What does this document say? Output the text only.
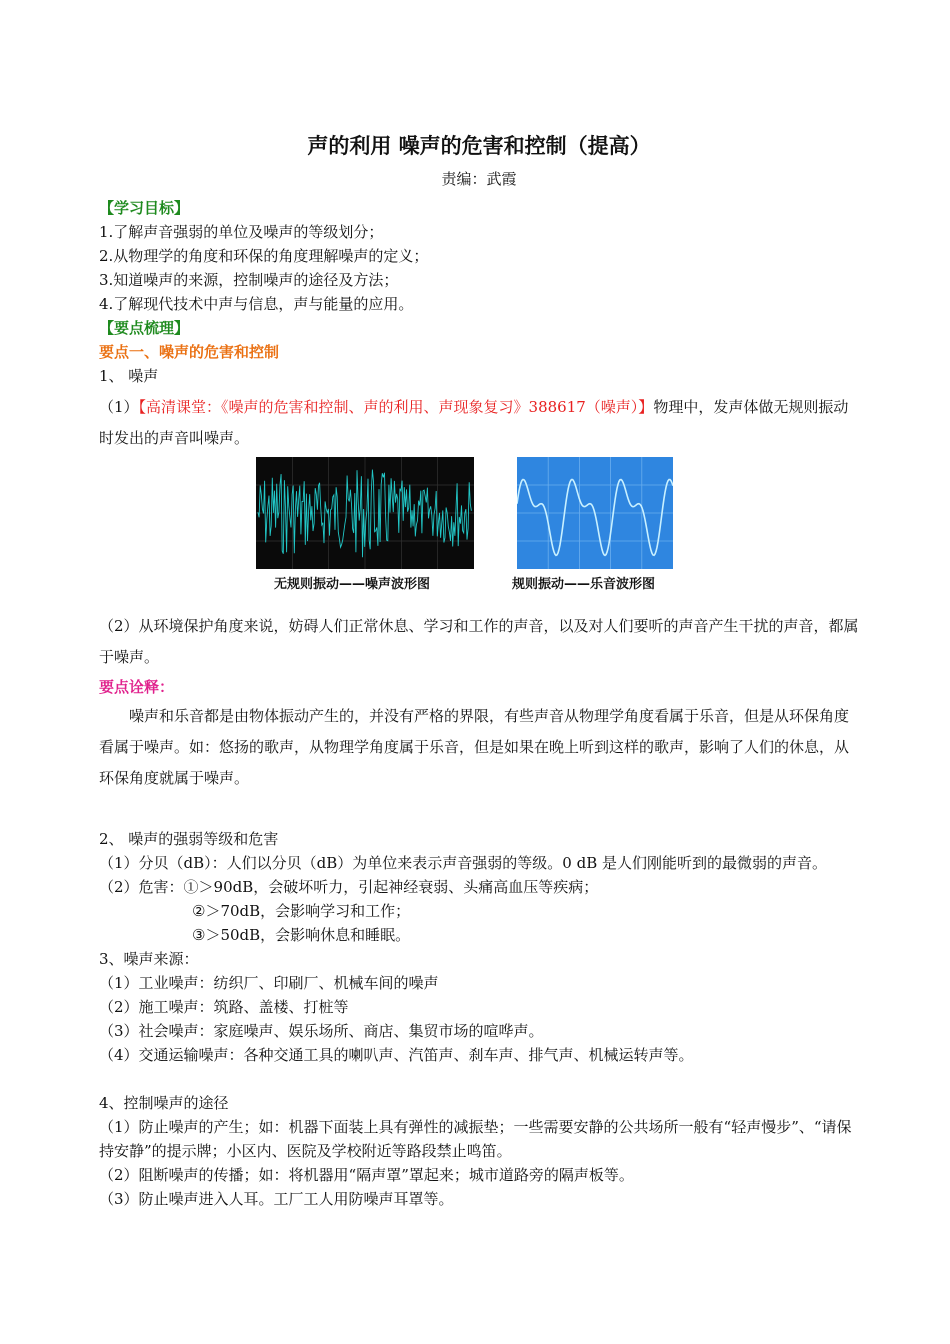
声的利用 噪声的危害和控制（提高）
责编：武霞
【学习目标】
1.了解声音强弱的单位及噪声的等级划分；
2.从物理学的角度和环保的角度理解噪声的定义；
3.知道噪声的来源，控制噪声的途径及方法；
4.了解现代技术中声与信息，声与能量的应用。
【要点梳理】
要点一、噪声的危害和控制
1、 噪声
（1）【高清课堂：《噪声的危害和控制、声的利用、声现象复习》388617（噪声）】物理中，发声体做无规则振动时发出的声音叫噪声。
无规则振动——噪声波形图	规则振动——乐音波形图
（2）从环境保护角度来说，妨碍人们正常休息、学习和工作的声音，以及对人们要听的声音产生干扰的声音，都属于噪声。
要点诠释：
噪声和乐音都是由物体振动产生的，并没有严格的界限，有些声音从物理学角度看属于乐音，但是从环保角度看属于噪声。如：悠扬的歌声，从物理学角度属于乐音，但是如果在晚上听到这样的歌声，影响了人们的休息，从环保角度就属于噪声。
2、 噪声的强弱等级和危害
（1）分贝（dB）：人们以分贝（dB）为单位来表示声音强弱的等级。0 dB 是人们刚能听到的最微弱的声音。
（2）危害：①＞90dB，会破坏听力，引起神经衰弱、头痛高血压等疾病；
②＞70dB，会影响学习和工作；
③＞50dB，会影响休息和睡眠。
3、噪声来源：
（1）工业噪声：纺织厂、印刷厂、机械车间的噪声
（2）施工噪声：筑路、盖楼、打桩等
（3）社会噪声：家庭噪声、娱乐场所、商店、集贸市场的喧哗声。
（4）交通运输噪声：各种交通工具的喇叭声、汽笛声、刹车声、排气声、机械运转声等。
4、控制噪声的途径
（1）防止噪声的产生；如：机器下面装上具有弹性的减振垫；一些需要安静的公共场所一般有“轻声慢步”、“请保持安静”的提示牌；小区内、医院及学校附近等路段禁止鸣笛。
（2）阻断噪声的传播；如：将机器用“隔声罩”罩起来；城市道路旁的隔声板等。
（3）防止噪声进入人耳。工厂工人用防噪声耳罩等。
